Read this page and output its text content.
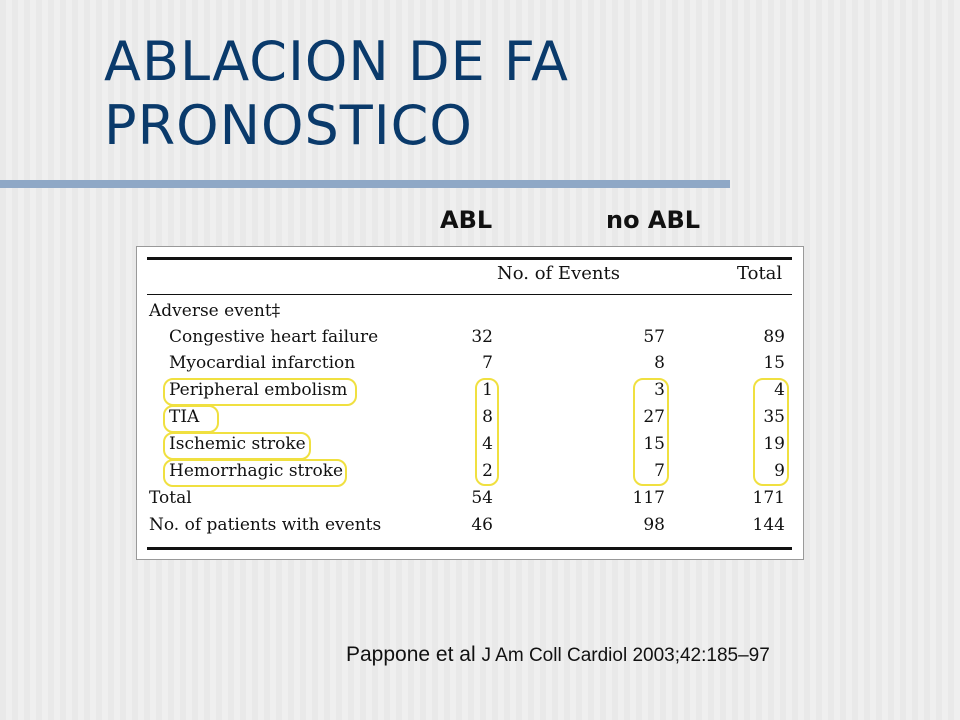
ABLACION DE FA
PRONOSTICO
ABL	no ABL
No. of Events	Total
Adverse event‡
Congestive heart failure	32	57	89
Myocardial infarction	7	8	15
Peripheral embolism	1	3	4
TIA	8	27	35
Ischemic stroke	4	15	19
Hemorrhagic stroke	2	7	9
Total	54	117	171
No. of patients with events	46	98	144
Pappone et al J Am Coll Cardiol 2003;42:185–97
